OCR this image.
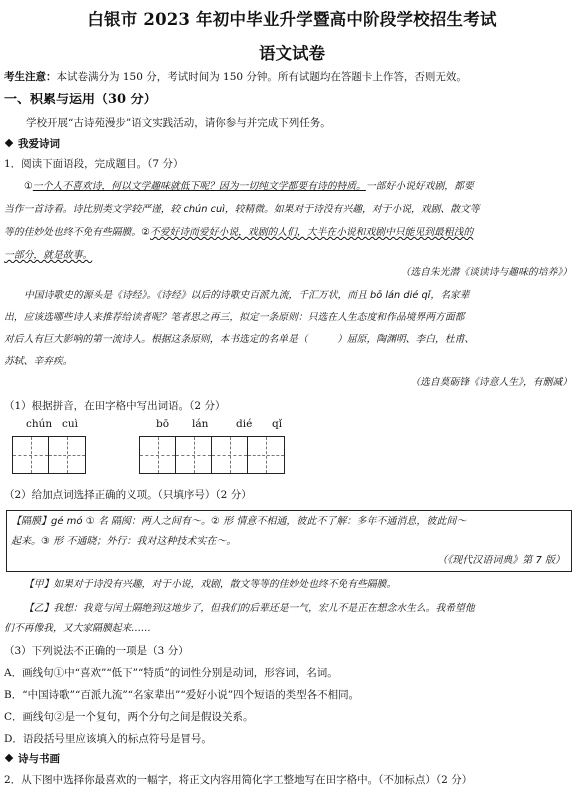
白银市 2023 年初中毕业升学暨高中阶段学校招生考试
语文试卷
考生注意：本试卷满分为 150 分，考试时间为 150 分钟。所有试题均在答题卡上作答，否则无效。
一、积累与运用（30 分）
学校开展“古诗苑漫步”语文实践活动，请你参与并完成下列任务。
我爱诗词
1．阅读下面语段，完成题目。（7 分）
①一个人不喜欢诗，何以文学趣味就低下呢？因为一切纯文学都要有诗的特质。一部好小说好戏剧，都要
当作一首诗看。诗比别类文学较严谨，较 chún cuì，较精微。如果对于诗没有兴趣，对于小说，戏剧、散文等
等的佳妙处也终不免有些隔膜。②不爱好诗而爱好小说，戏剧的人们，大半在小说和戏剧中只能见到最粗浅的
一部分，就是故事。
（选自朱光潜《谈读诗与趣味的培养》）
中国诗歌史的源头是《诗经》。《诗经》以后的诗歌史百派九流，千汇万状，而且 bō lán dié qǐ，名家辈
出，应该选哪些诗人来推荐给读者呢？笔者思之再三，拟定一条原则：只选在人生态度和作品境界两方面都
对后人有巨大影响的第一流诗人。根据这条原则，本书选定的名单是（　　　）屈原，陶渊明、李白，杜甫、
苏轼、辛弃疾。
（选自莫砺锋《诗意人生》，有删减）
（1）根据拼音，在田字格中写出词语。（2 分）
chún cuì	bō lán	dié qǐ
（2）给加点词选择正确的义项。（只填序号）（2 分）
【隔膜】gé mó ① 名 隔阂：两人之间有～。② 形 情意不相通，彼此不了解：多年不通消息，彼此间～
起来。③ 形 不通晓；外行：我对这种技术实在～。
（《现代汉语词典》第 7 版）
【甲】如果对于诗没有兴趣，对于小说，戏剧，散文等等的佳妙处也终不免有些隔膜。
【乙】我想：我竟与闰土隔绝到这地步了，但我们的后辈还是一气，宏儿不是正在想念水生么。我希望他
们不再像我，又大家隔膜起来……
（3）下列说法不正确的一项是（3 分）
A．画线句①中“喜欢”“低下”“特质”的词性分别是动词，形容词，名词。
B．“中国诗歌”“百派九流”“名家辈出”“爱好小说”四个短语的类型各不相同。
C．画线句②是一个复句，两个分句之间是假设关系。
D．语段括号里应该填入的标点符号是冒号。
诗与书画
2．从下图中选择你最喜欢的一幅字，将正文内容用简化字工整地写在田字格中。（不加标点）（2 分）
